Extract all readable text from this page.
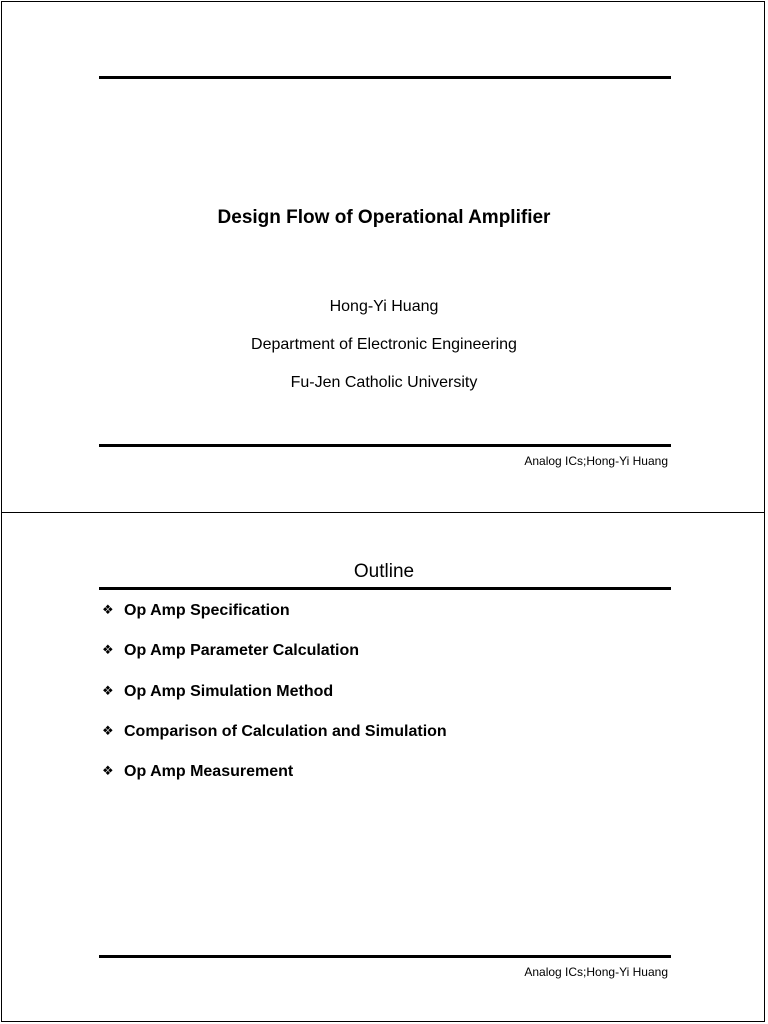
Design Flow of Operational Amplifier
Hong-Yi Huang
Department of Electronic Engineering
Fu-Jen Catholic University
Analog ICs;Hong-Yi Huang
Outline
❖ Op Amp Specification
❖ Op Amp Parameter Calculation
❖ Op Amp Simulation Method
❖ Comparison of Calculation and Simulation
❖ Op Amp Measurement
Analog ICs;Hong-Yi Huang
